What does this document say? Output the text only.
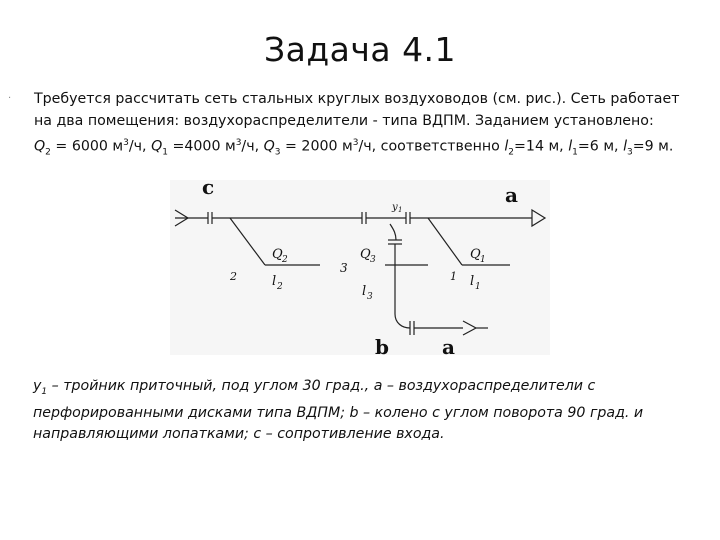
Задача 4.1
· Требуется рассчитать сеть стальных круглых воздуховодов (см. рис.). Сеть работает
на два помещения: воздухораспределители - типа ВДПМ. Заданием установлено:
$Q_2 = 6000$ $м^3/ч$, $Q_1 =4000$ $м^3/ч$, $Q_3 = 2000$ $м^3/ч$, соответственно $l_2=14$ м, $l_1=6$ м, $l_3=9$ м.
c	a
b	a
y 1
Q 2
l 2
Q 3
3
l 3
Q 1
l 1
2	1
$y_1$ – тройник приточный, под углом 30 град., а – воздухораспределители с перфорированными дисками типа ВДПМ; b – колено с углом поворота 90 град. и направляющими лопатками; с – сопротивление входа.
